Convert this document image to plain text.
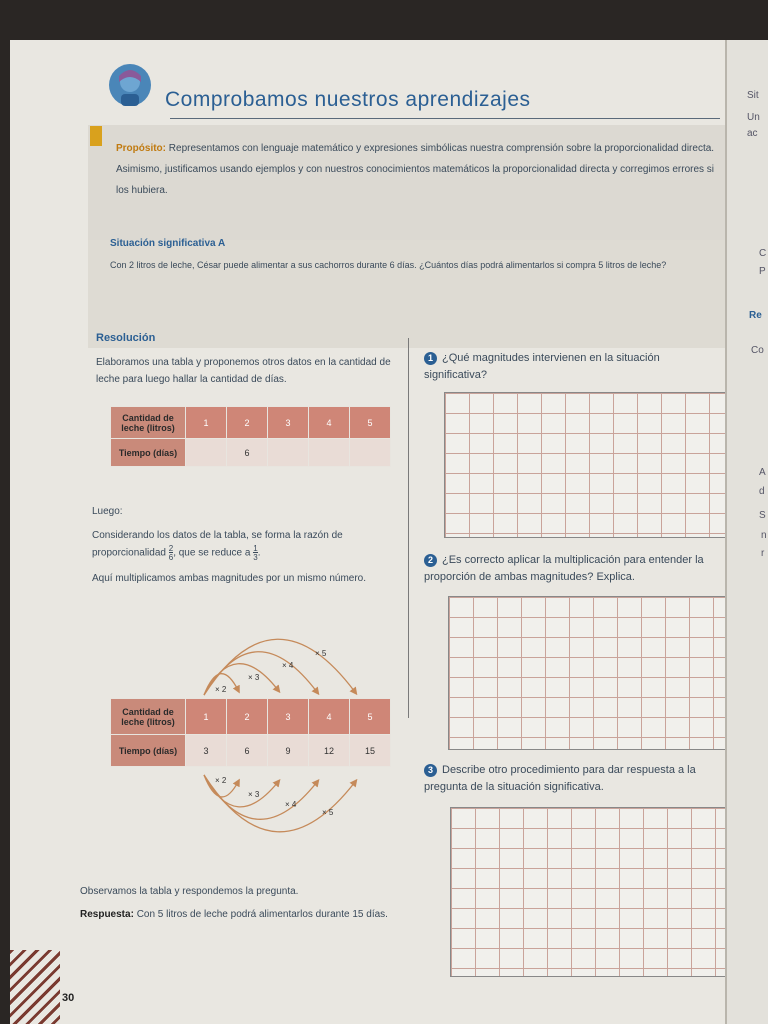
Comprobamos nuestros aprendizajes
Propósito: Representamos con lenguaje matemático y expresiones simbólicas nuestra comprensión sobre la proporcionalidad directa. Asimismo, justificamos usando ejemplos y con nuestros conocimientos matemáticos la proporcionalidad directa y corregimos errores si los hubiera.
Situación significativa A
Con 2 litros de leche, César puede alimentar a sus cachorros durante 6 días. ¿Cuántos días podrá alimentarlos si compra 5 litros de leche?
Resolución
Elaboramos una tabla y proponemos otros datos en la cantidad de leche para luego hallar la cantidad de días.
Cantidad de leche (litros)	1	2	3	4	5
Tiempo (días)		6			
Luego:
Considerando los datos de la tabla, se forma la razón de proporcionalidad $\frac{2}{6}$, que se reduce a $\frac{1}{3}$.
Aquí multiplicamos ambas magnitudes por un mismo número.
× 2
× 3
× 4
× 5
× 2
× 3
× 4
× 5
Cantidad de leche (litros)	1	2	3	4	5
Tiempo (días)	3	6	9	12	15
Observamos la tabla y respondemos la pregunta.
Respuesta: Con 5 litros de leche podrá alimentarlos durante 15 días.
1 ¿Qué magnitudes intervienen en la situación significativa?
2 ¿Es correcto aplicar la multiplicación para entender la proporción de ambas magnitudes? Explica.
3 Describe otro procedimiento para dar respuesta a la pregunta de la situación significativa.
30
Sit
Un
ac
C
P
Re
Co
A
d
S
n
r
